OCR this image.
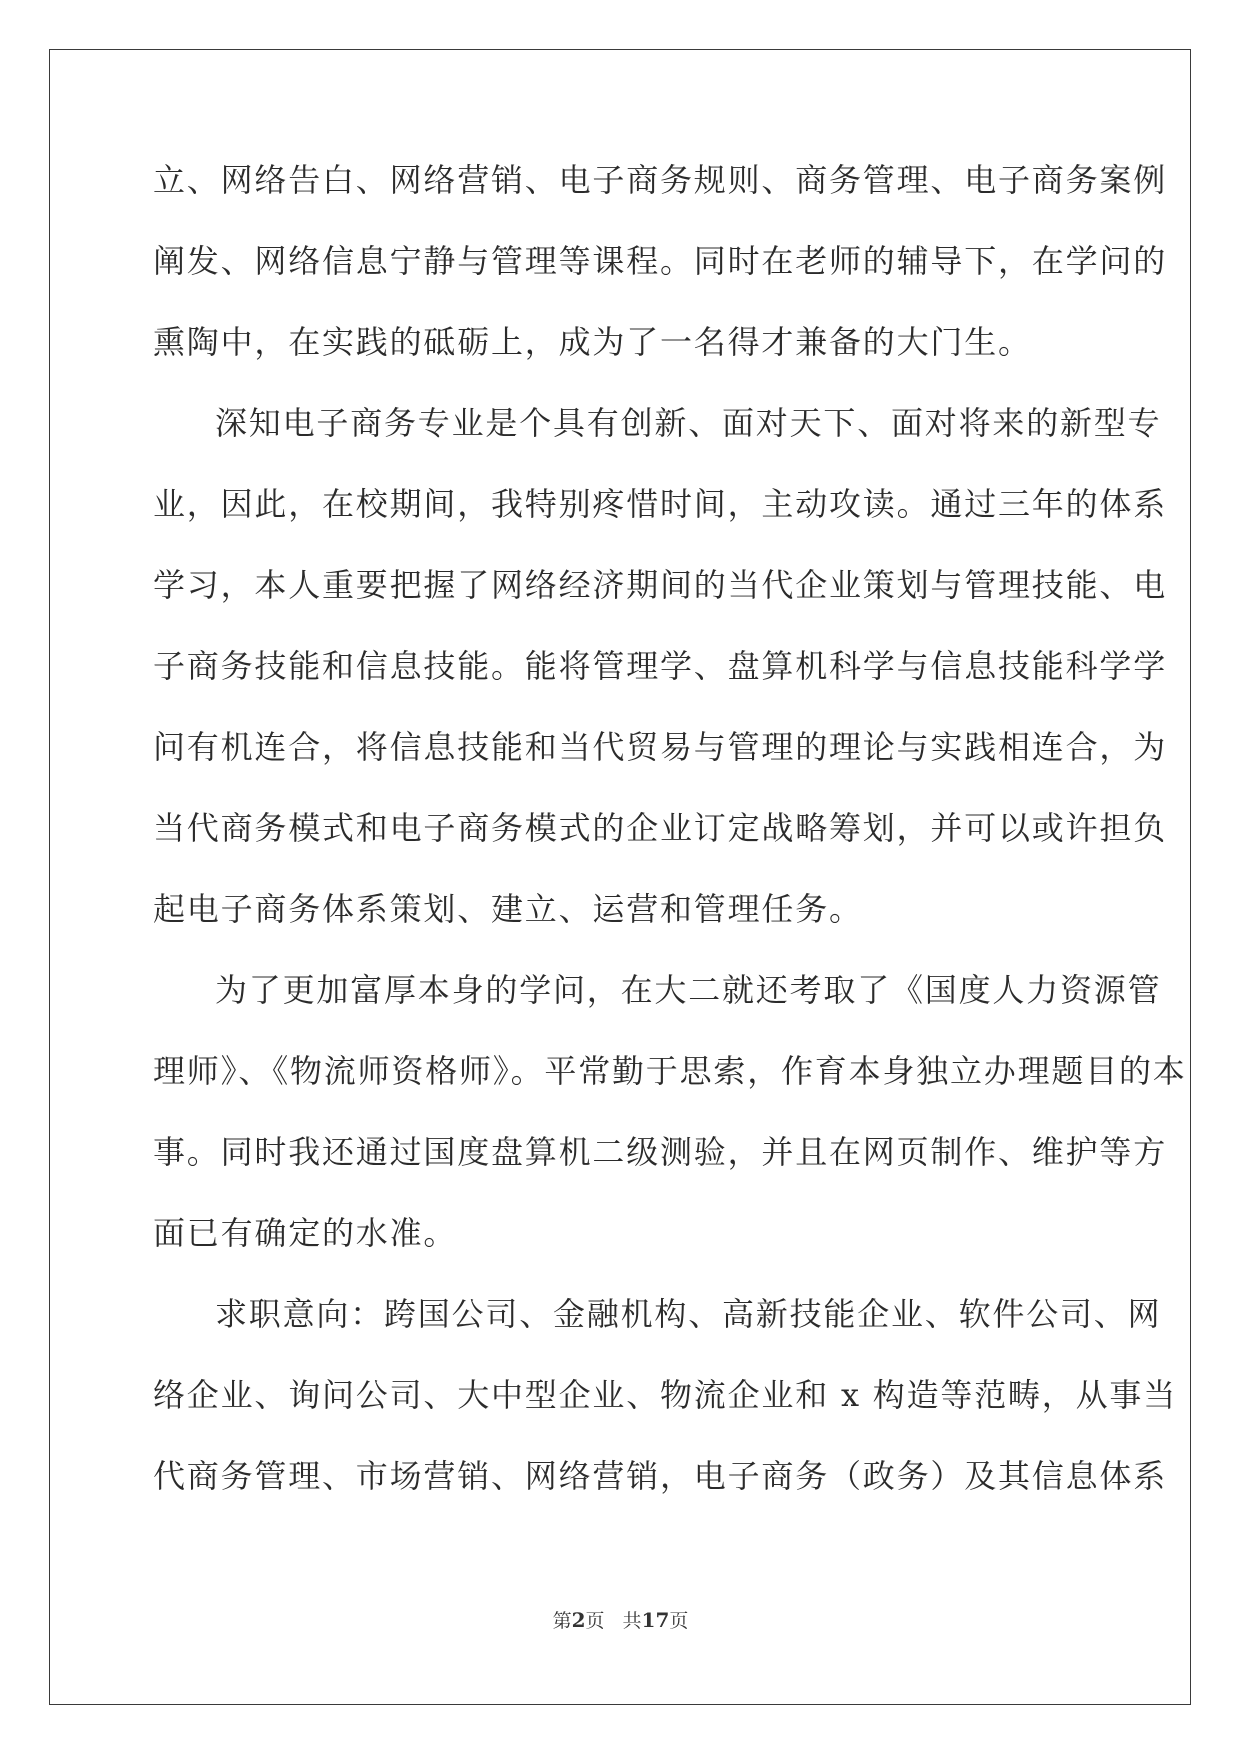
立、网络告白、网络营销、电子商务规则、商务管理、电子商务案例
阐发、网络信息宁静与管理等课程。同时在老师的辅导下，在学问的
熏陶中，在实践的砥砺上，成为了一名得才兼备的大门生。
深知电子商务专业是个具有创新、面对天下、面对将来的新型专
业，因此，在校期间，我特别疼惜时间，主动攻读。通过三年的体系
学习，本人重要把握了网络经济期间的当代企业策划与管理技能、电
子商务技能和信息技能。能将管理学、盘算机科学与信息技能科学学
问有机连合，将信息技能和当代贸易与管理的理论与实践相连合，为
当代商务模式和电子商务模式的企业订定战略筹划，并可以或许担负
起电子商务体系策划、建立、运营和管理任务。
为了更加富厚本身的学问，在大二就还考取了《国度人力资源管
理师》、《物流师资格师》。平常勤于思索，作育本身独立办理题目的本
事。同时我还通过国度盘算机二级测验，并且在网页制作、维护等方
面已有确定的水准。
求职意向：跨国公司、金融机构、高新技能企业、软件公司、网
络企业、询问公司、大中型企业、物流企业和 x 构造等范畴，从事当
代商务管理、市场营销、网络营销，电子商务（政务）及其信息体系
第2页 共17页
